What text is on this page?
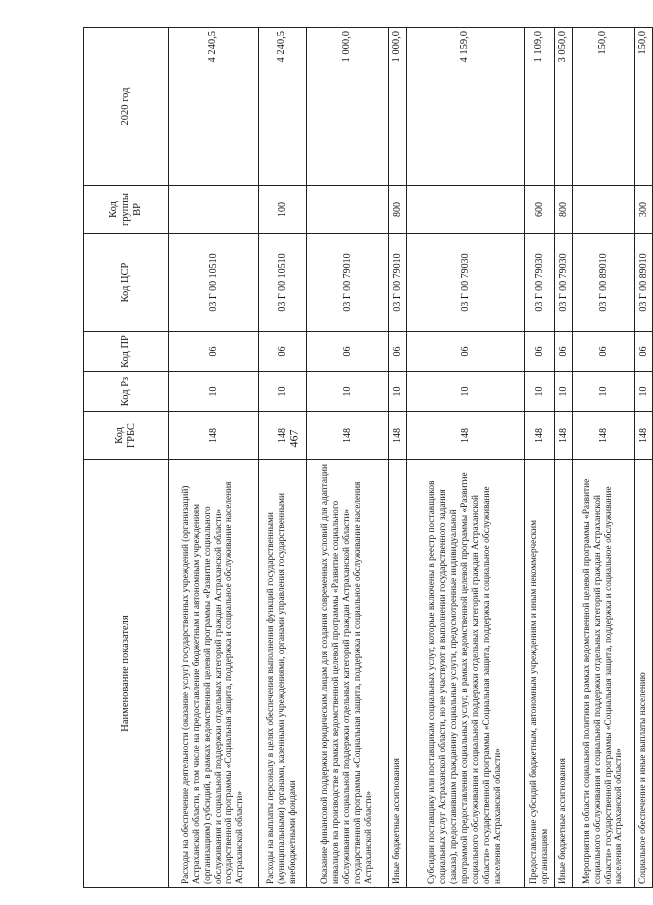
467
Наименование показателя	Код ГРБС	Код Рз	Код ПР	Код ЦСР	Код группы ВР	2020 год
Расходы на обеспечение деятельности (оказание услуг) государственных учреждений (организаций) Астраханской области, в том числе на предоставление бюджетным и автономным учреждениям (организациям) субсидий, в рамках ведомственной целевой программы «Развитие социального обслуживания и социальной поддержки отдельных категорий граждан Астраханской области» государственной программы «Социальная защита, поддержка и социальное обслуживание населения Астраханской области»	148	10	06	03 Г 00 10510		4 240,5
Расходы на выплаты персоналу в целях обеспечения выполнения функций государственными (муниципальными) органами, казенными учреждениями, органами управления государственными внебюджетными фондами	148	10	06	03 Г 00 10510	100	4 240,5
Оказание финансовой поддержки юридическим лицам для создания современных условий для адаптации инвалидов на производстве в рамках ведомственной целевой программы «Развитие социального обслуживания и социальной поддержки отдельных категорий граждан Астраханской области» государственной программы «Социальная защита, поддержка и социальное обслуживание населения Астраханской области»	148	10	06	03 Г 00 79010		1 000,0
Иные бюджетные ассигнования	148	10	06	03 Г 00 79010	800	1 000,0
Субсидии поставщику или поставщикам социальных услуг, которые включены в реестр поставщиков социальных услуг Астраханской области, но не участвуют в выполнении государственного задания (заказа), предоставившим гражданину социальные услуги, предусмотренные индивидуальной программой предоставления социальных услуг, в рамках ведомственной целевой программы «Развитие социального обслуживания и социальной поддержки отдельных категорий граждан Астраханской области» государственной программы «Социальная защита, поддержка и социальное обслуживание населения Астраханской области»	148	10	06	03 Г 00 79030		4 159,0
Предоставление субсидий бюджетным, автономным учреждениям и иным некоммерческим организациям	148	10	06	03 Г 00 79030	600	1 109,0
Иные бюджетные ассигнования	148	10	06	03 Г 00 79030	800	3 050,0
Мероприятия в области социальной политики в рамках ведомственной целевой программы «Развитие социального обслуживания и социальной поддержки отдельных категорий граждан Астраханской области» государственной программы «Социальная защита, поддержка и социальное обслуживание населения Астраханской области»	148	10	06	03 Г 00 89010		150,0
Социальное обеспечение и иные выплаты населению	148	10	06	03 Г 00 89010	300	150,0
